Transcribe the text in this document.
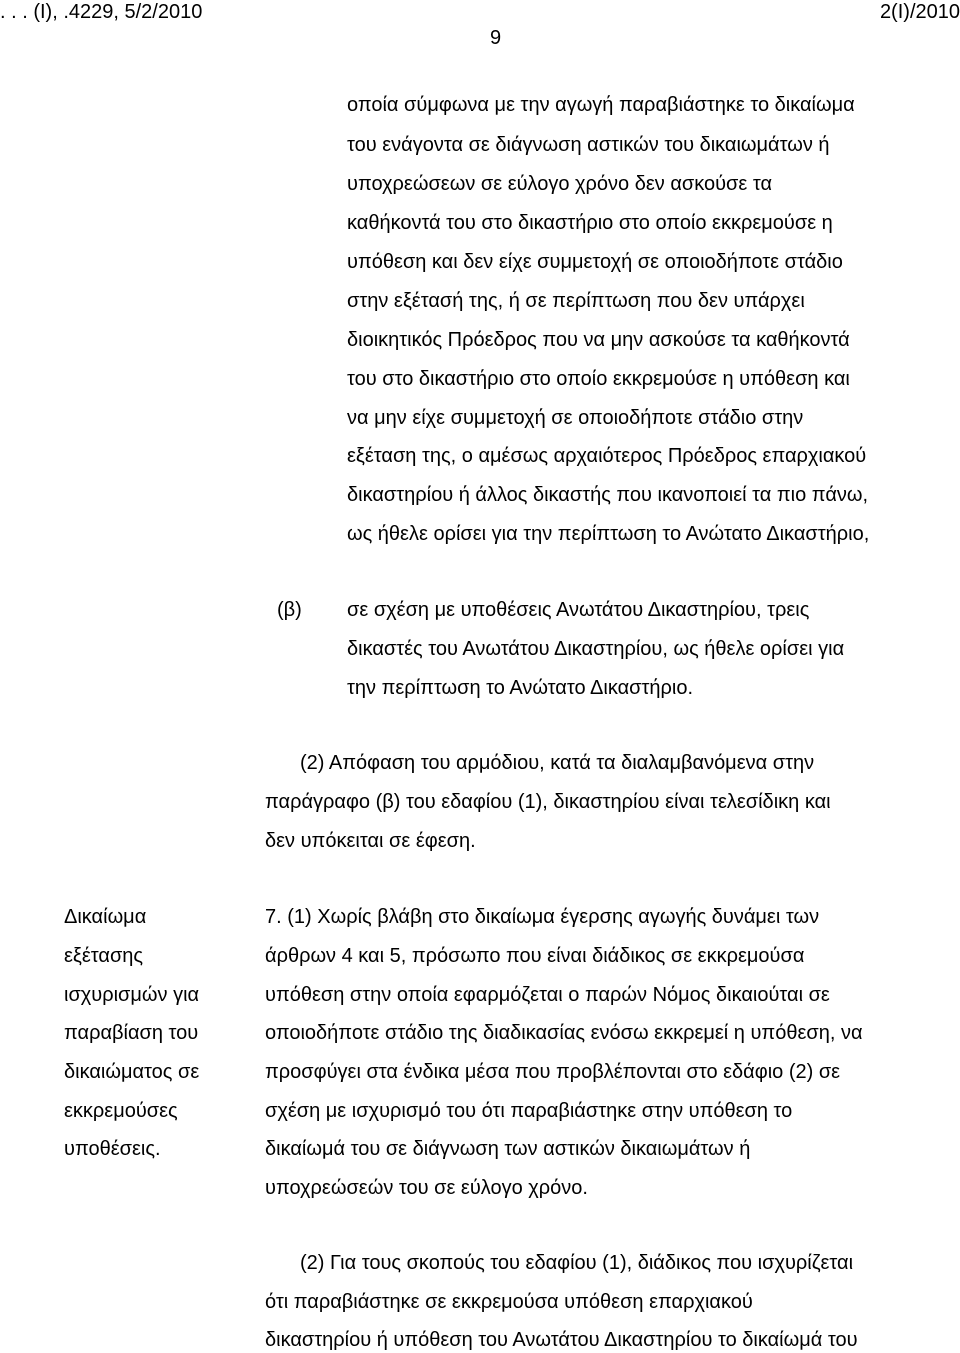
. . . (I), .4229, 5/2/2010	2(I)/2010
9
οποία σύμφωνα με την αγωγή παραβιάστηκε το δικαίωμα
του ενάγοντα σε διάγνωση αστικών του δικαιωμάτων ή
υποχρεώσεων σε εύλογο χρόνο δεν ασκούσε τα
καθήκοντά του στο δικαστήριο στο οποίο εκκρεμούσε η
υπόθεση και δεν είχε συμμετοχή σε οποιοδήποτε στάδιο
στην εξέτασή της, ή σε περίπτωση που δεν υπάρχει
διοικητικός Πρόεδρος που να μην ασκούσε τα καθήκοντά
του στο δικαστήριο στο οποίο εκκρεμούσε η υπόθεση και
να μην είχε συμμετοχή σε οποιοδήποτε στάδιο στην
εξέταση της, ο αμέσως αρχαιότερος Πρόεδρος επαρχιακού
δικαστηρίου ή άλλος δικαστής που ικανοποιεί τα πιο πάνω,
ως ήθελε ορίσει για την περίπτωση το Ανώτατο Δικαστήριο,
(β) σε σχέση με υποθέσεις Ανωτάτου Δικαστηρίου, τρεις
δικαστές του Ανωτάτου Δικαστηρίου, ως ήθελε ορίσει για
την περίπτωση το Ανώτατο Δικαστήριο.
(2) Απόφαση του αρμόδιου, κατά τα διαλαμβανόμενα στην
παράγραφο (β) του εδαφίου (1), δικαστηρίου είναι τελεσίδικη και
δεν υπόκειται σε έφεση.
Δικαίωμα
εξέτασης
ισχυρισμών για
παραβίαση του
δικαιώματος σε
εκκρεμούσες
υποθέσεις.
7. (1) Χωρίς βλάβη στο δικαίωμα έγερσης αγωγής δυνάμει των
άρθρων 4 και 5, πρόσωπο που είναι διάδικος σε εκκρεμούσα
υπόθεση στην οποία εφαρμόζεται ο παρών Νόμος δικαιούται σε
οποιοδήποτε στάδιο της διαδικασίας ενόσω εκκρεμεί η υπόθεση, να
προσφύγει στα ένδικα μέσα που προβλέπονται στο εδάφιο (2) σε
σχέση με ισχυρισμό του ότι παραβιάστηκε στην υπόθεση το
δικαίωμά του σε διάγνωση των αστικών δικαιωμάτων ή
υποχρεώσεών του σε εύλογο χρόνο.
(2) Για τους σκοπούς του εδαφίου (1), διάδικος που ισχυρίζεται
ότι παραβιάστηκε σε εκκρεμούσα υπόθεση επαρχιακού
δικαστηρίου ή υπόθεση του Ανωτάτου Δικαστηρίου το δικαίωμά του
